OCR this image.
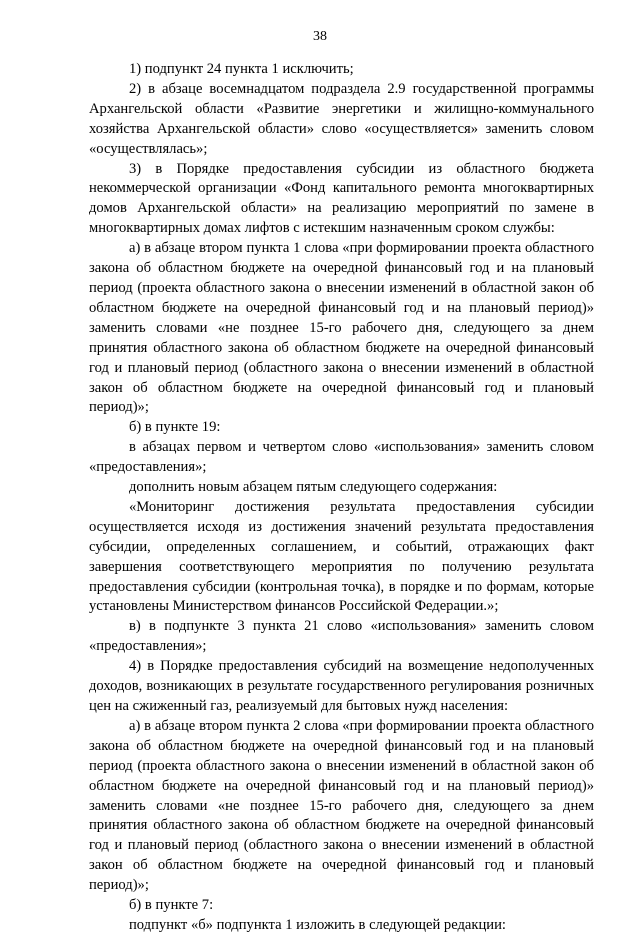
38

1) подпункт 24 пункта 1 исключить;

2) в абзаце восемнадцатом подраздела 2.9 государственной программы Архангельской области «Развитие энергетики и жилищно-коммунального хозяйства Архангельской области» слово «осуществляется» заменить словом «осуществлялась»;

3) в Порядке предоставления субсидии из областного бюджета некоммерческой организации «Фонд капитального ремонта многоквартирных домов Архангельской области» на реализацию мероприятий по замене в многоквартирных домах лифтов с истекшим назначенным сроком службы:

а) в абзаце втором пункта 1 слова «при формировании проекта областного закона об областном бюджете на очередной финансовый год и на плановый период (проекта областного закона о внесении изменений в областной закон об областном бюджете на очередной финансовый год и на плановый период)» заменить словами «не позднее 15-го рабочего дня, следующего за днем принятия областного закона об областном бюджете на очередной финансовый год и плановый период (областного закона о внесении изменений в областной закон об областном бюджете на очередной финансовый год и плановый период)»;

б) в пункте 19:

в абзацах первом и четвертом слово «использования» заменить словом «предоставления»;

дополнить новым абзацем пятым следующего содержания:

«Мониторинг достижения результата предоставления субсидии осуществляется исходя из достижения значений результата предоставления субсидии, определенных соглашением, и событий, отражающих факт завершения соответствующего мероприятия по получению результата предоставления субсидии (контрольная точка), в порядке и по формам, которые установлены Министерством финансов Российской Федерации.»;

в) в подпункте 3 пункта 21 слово «использования» заменить словом «предоставления»;

4) в Порядке предоставления субсидий на возмещение недополученных доходов, возникающих в результате государственного регулирования розничных цен на сжиженный газ, реализуемый для бытовых нужд населения:

а) в абзаце втором пункта 2 слова «при формировании проекта областного закона об областном бюджете на очередной финансовый год и на плановый период (проекта областного закона о внесении изменений в областной закон об областном бюджете на очередной финансовый год и на плановый период)» заменить словами «не позднее 15-го рабочего дня, следующего за днем принятия областного закона об областном бюджете на очередной финансовый год и плановый период (областного закона о внесении изменений в областной закон об областном бюджете на очередной финансовый год и плановый период)»;

б) в пункте 7:

подпункт «б» подпункта 1 изложить в следующей редакции:
